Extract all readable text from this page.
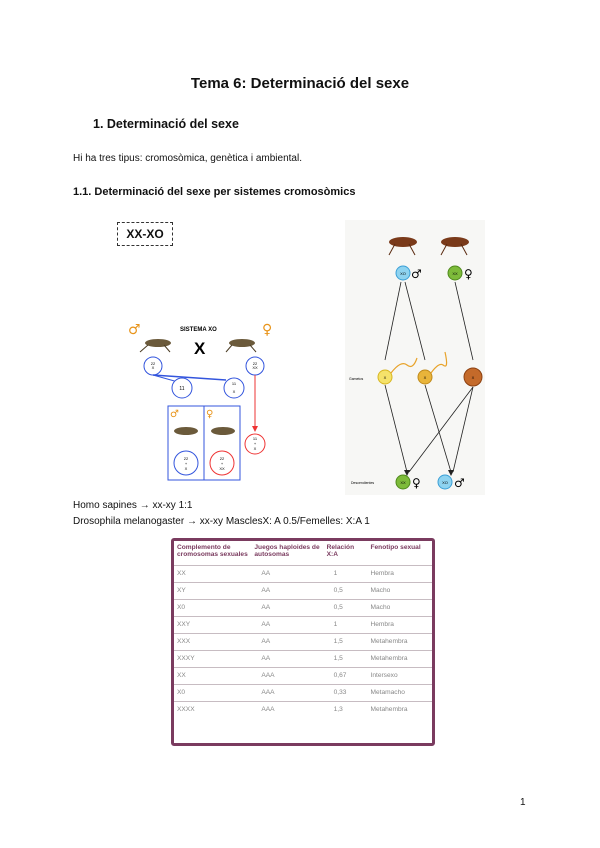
Tema 6: Determinació del sexe
1. Determinació del sexe
Hi ha tres tipus: cromosòmica, genètica i ambiental.
1.1. Determinació del sexe per sistemes cromosòmics
XX-XO
SISTEMA XO
X
♂	♀
22
X
22
XX
11
11
X
♂	♀
22
+
X
22
+
XX
11
+
X
XO ♂	XX ♀
Gametos	X	X	X
Descendientes	XX ♀	XO ♂
Homo sapines → xx-xy 1:1
Drosophila melanogaster → xx-xy MasclesX: A 0.5/Femelles: X:A 1
Complemento de cromosomas sexuales	Juegos haploides de autosomas	Relación X:A	Fenotipo sexual
XX	AA	1	Hembra
XY	AA	0,5	Macho
X0	AA	0,5	Macho
XXY	AA	1	Hembra
XXX	AA	1,5	Metahembra
XXXY	AA	1,5	Metahembra
XX	AAA	0,67	Intersexo
X0	AAA	0,33	Metamacho
XXXX	AAA	1,3	Metahembra
1
